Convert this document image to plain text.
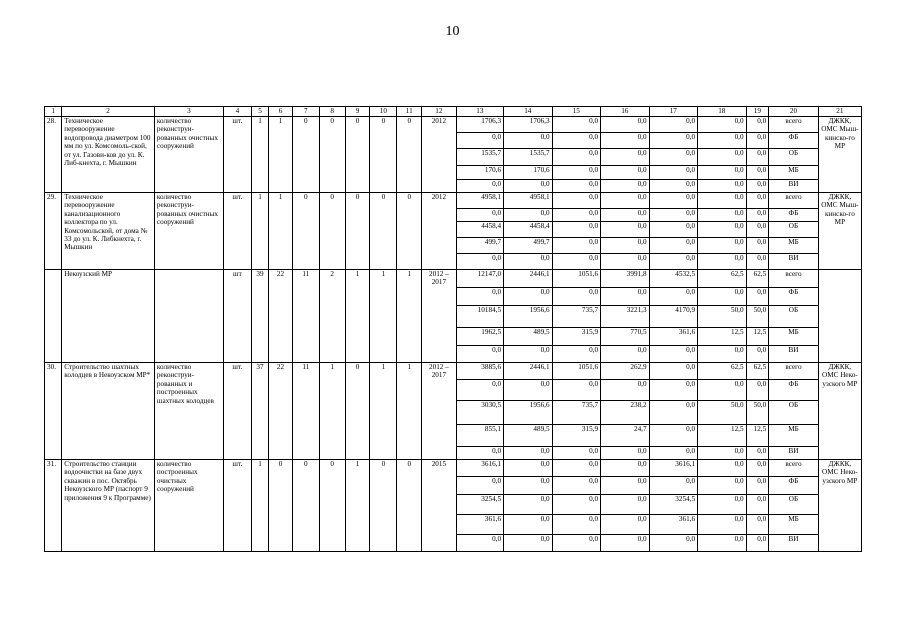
10
1	2	3	4	5	6	7	8	9	10	11	12	13	14	15	16	17	18	19	20	21
28.	Техническое перевооружение водопровода диаметром 100 мм по ул. Комсомоль-ской, от ул. Газови-ков до ул. К. Либ-кнехта, г. Мышкин	количество реконструи-рованных очистных сооружений	шт.	1	1	0	0	0	0	0	2012	1706,3	1706,3	0,0	0,0	0,0	0,0	0,0	всего	ДЖКК, ОМС Мыш-кинско-го МР
												0,0	0,0	0,0	0,0	0,0	0,0	0,0	ФБ	
												1535,7	1535,7	0,0	0,0	0,0	0,0	0,0	ОБ	
												170,6	170,6	0,0	0,0	0,0	0,0	0,0	МБ	
												0,0	0,0	0,0	0,0	0,0	0,0	0,0	ВИ	
29.	Техническое перевооружение канализационного коллектора по ул. Комсомольской, от дома № 33 до ул. К. Либкнехта, г. Мышкин	количество реконструи-рованных очистных сооружений	шт.	1	1	0	0	0	0	0	2012	4958,1	4958,1	0,0	0,0	0,0	0,0	0,0	всего	ДЖКК, ОМС Мыш-кинско-го МР
												0,0	0,0	0,0	0,0	0,0	0,0	0,0	ФБ	
												4458,4	4458,4	0,0	0,0	0,0	0,0	0,0	ОБ	
												499,7	499,7	0,0	0,0	0,0	0,0	0,0	МБ	
												0,0	0,0	0,0	0,0	0,0	0,0	0,0	ВИ	
	Некоузский МР		шт	39	22	11	2	1	1	1	2012 – 2017	12147,0	2446,1	1051,6	3991,8	4532,5	62,5	62,5	всего	
												0,0	0,0	0,0	0,0	0,0	0,0	0,0	ФБ	
												10184,5	1956,6	735,7	3221,3	4170,9	50,0	50,0	ОБ	
												1962,5	489,5	315,9	770,5	361,6	12,5	12,5	МБ	
												0,0	0,0	0,0	0,0	0,0	0,0	0,0	ВИ	
30.	Строительство шахтных колодцев в Некоузском МР*	количество реконструи-рованных и построенных шахтных колодцев	шт.	37	22	11	1	0	1	1	2012 – 2017	3885,6	2446,1	1051,6	262,9	0,0	62,5	62,5	всего	ДЖКК, ОМС Неко-узского МР
												0,0	0,0	0,0	0,0	0,0	0,0	0,0	ФБ	
												3030,5	1956,6	735,7	238,2	0,0	50,0	50,0	ОБ	
												855,1	489,5	315,9	24,7	0,0	12,5	12,5	МБ	
												0,0	0,0	0,0	0,0	0,0	0,0	0,0	ВИ	
31.	Строительство станции водоочистки на базе двух скважин в пос. Октябрь Некоузского МР (паспорт 9 приложения 9 к Программе)	количество построенных очистных сооружений	шт.	1	0	0	0	1	0	0	2015	3616,1	0,0	0,0	0,0	3616,1	0,0	0,0	всего	ДЖКК, ОМС Неко-узского МР
												0,0	0,0	0,0	0,0	0,0	0,0	0,0	ФБ	
												3254,5	0,0	0,0	0,0	3254,5	0,0	0,0	ОБ	
												361,6	0,0	0,0	0,0	361,6	0,0	0,0	МБ	
												0,0	0,0	0,0	0,0	0,0	0,0	0,0	ВИ	
